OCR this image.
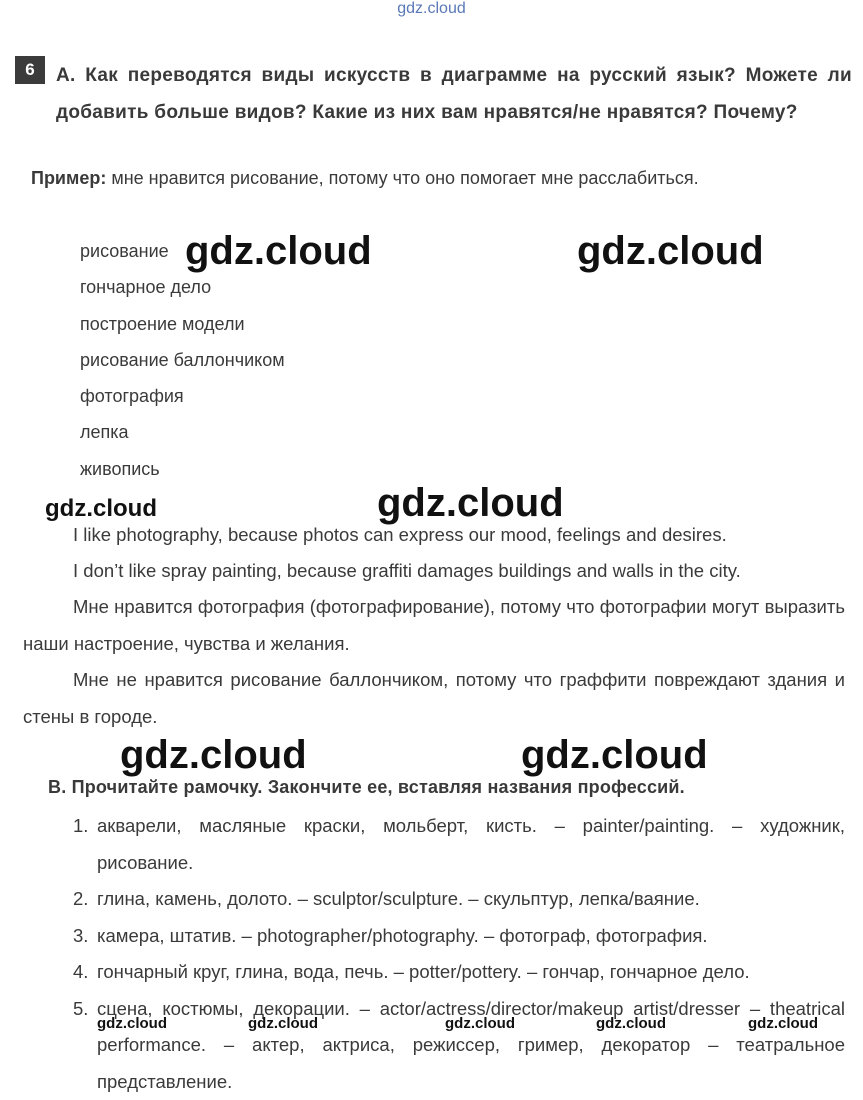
gdz.cloud
6	A. Как переводятся виды искусств в диаграмме на русский язык? Можете ли добавить больше видов? Какие из них вам нравятся/не нравятся? Почему?
Пример: мне нравится рисование, потому что оно помогает мне расслабиться.
рисование
гончарное дело
построение модели
рисование баллончиком
фотография
лепка
живопись
I like photography, because photos can express our mood, feelings and desires.
I don’t like spray painting, because graffiti damages buildings and walls in the city.

Мне нравится фотография (фотографирование), потому что фотографии могут выразить наши настроение, чувства и желания.

Мне не нравится рисование баллончиком, потому что граффити повреждают здания и стены в городе.

B. Прочитайте рамочку. Закончите ее, вставляя названия профессий.
1. акварели, масляные краски, мольберт, кисть. – painter/painting. – художник, рисование.
2. глина, камень, долото. – sculptor/sculpture. – скульптур, лепка/ваяние.
3. камера, штатив. – photographer/photography. – фотограф, фотография.
4. гончарный круг, глина, вода, печь. – potter/pottery. – гончар, гончарное дело.
5. сцена, костюмы, декорации. – actor/actress/director/makeup artist/dresser – theatrical performance. – актер, актриса, режиссер, гример, декоратор – театральное представление.
gdz.cloud	gdz.cloud
gdz.cloud	gdz.cloud
gdz.cloud	gdz.cloud
gdz.cloud	gdz.cloud	gdz.cloud	gdz.cloud	gdz.cloud
